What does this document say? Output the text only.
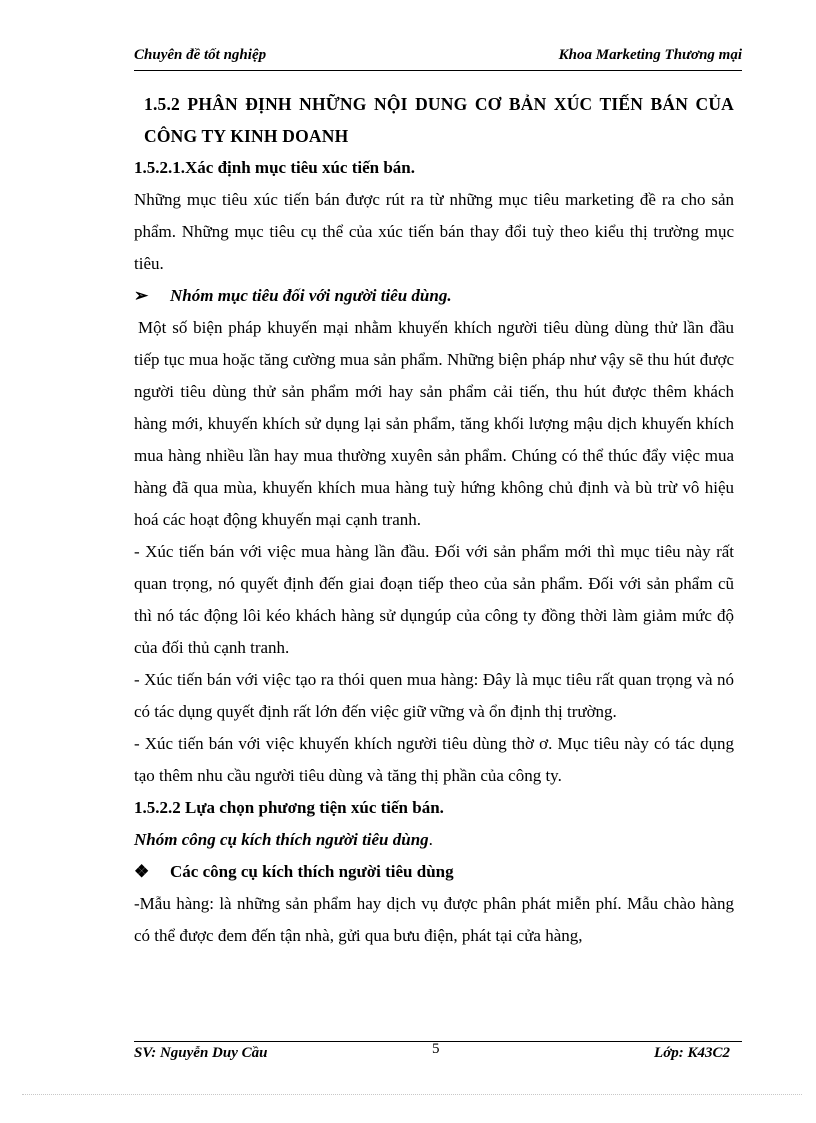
Chuyên đề tốt nghiệp	Khoa Marketing Thương mại

1.5.2 PHÂN ĐỊNH NHỮNG NỘI DUNG CƠ BẢN XÚC TIẾN BÁN CỦA CÔNG TY KINH DOANH

1.5.2.1.Xác định mục tiêu xúc tiến bán.

Những mục tiêu xúc tiến bán được rút ra từ những mục tiêu marketing đề ra cho sản phẩm. Những mục tiêu cụ thể của xúc tiến bán thay đổi tuỳ theo kiểu thị trường mục tiêu.

➢	Nhóm mục tiêu đối với người tiêu dùng.

Một số biện pháp khuyến mại nhằm khuyến khích người tiêu dùng dùng thử lần đầu tiếp tục mua hoặc tăng cường mua sản phẩm. Những biện pháp như vậy sẽ thu hút được người tiêu dùng thử sản phẩm mới hay sản phẩm cải tiến, thu hút được thêm khách hàng mới, khuyến khích sử dụng lại sản phẩm, tăng khối lượng mậu dịch khuyến khích mua hàng nhiều lần hay mua thường xuyên sản phẩm. Chúng có thể thúc đẩy việc mua hàng đã qua mùa, khuyến khích mua hàng tuỳ hứng không chủ định và bù trừ vô hiệu hoá các hoạt động khuyến mại cạnh tranh.

- Xúc tiến bán với việc mua hàng lần đầu. Đối với sản phẩm mới thì mục tiêu này rất quan trọng, nó quyết định đến giai đoạn tiếp theo của sản phẩm. Đối với sản phẩm cũ thì nó tác động lôi kéo khách hàng sử dụngúp của công ty đồng thời làm giảm mức độ của đối thủ cạnh tranh.

- Xúc tiến bán với việc tạo ra thói quen mua hàng: Đây là mục tiêu rất quan trọng và nó có tác dụng quyết định rất lớn đến việc giữ vững và ổn định thị trường.

- Xúc tiến bán với việc khuyến khích người tiêu dùng thờ ơ. Mục tiêu này có tác dụng tạo thêm nhu cầu người tiêu dùng và tăng thị phần của công ty.

1.5.2.2 Lựa chọn phương tiện xúc tiến bán.

Nhóm công cụ kích thích người tiêu dùng.

❖	Các công cụ kích thích người tiêu dùng

-Mẫu hàng: là những sản phẩm hay dịch vụ được phân phát miễn phí. Mẫu chào hàng có thể được đem đến tận nhà, gửi qua bưu điện, phát tại cửa hàng,

SV: Nguyễn Duy Cầu	5	Lớp: K43C2
